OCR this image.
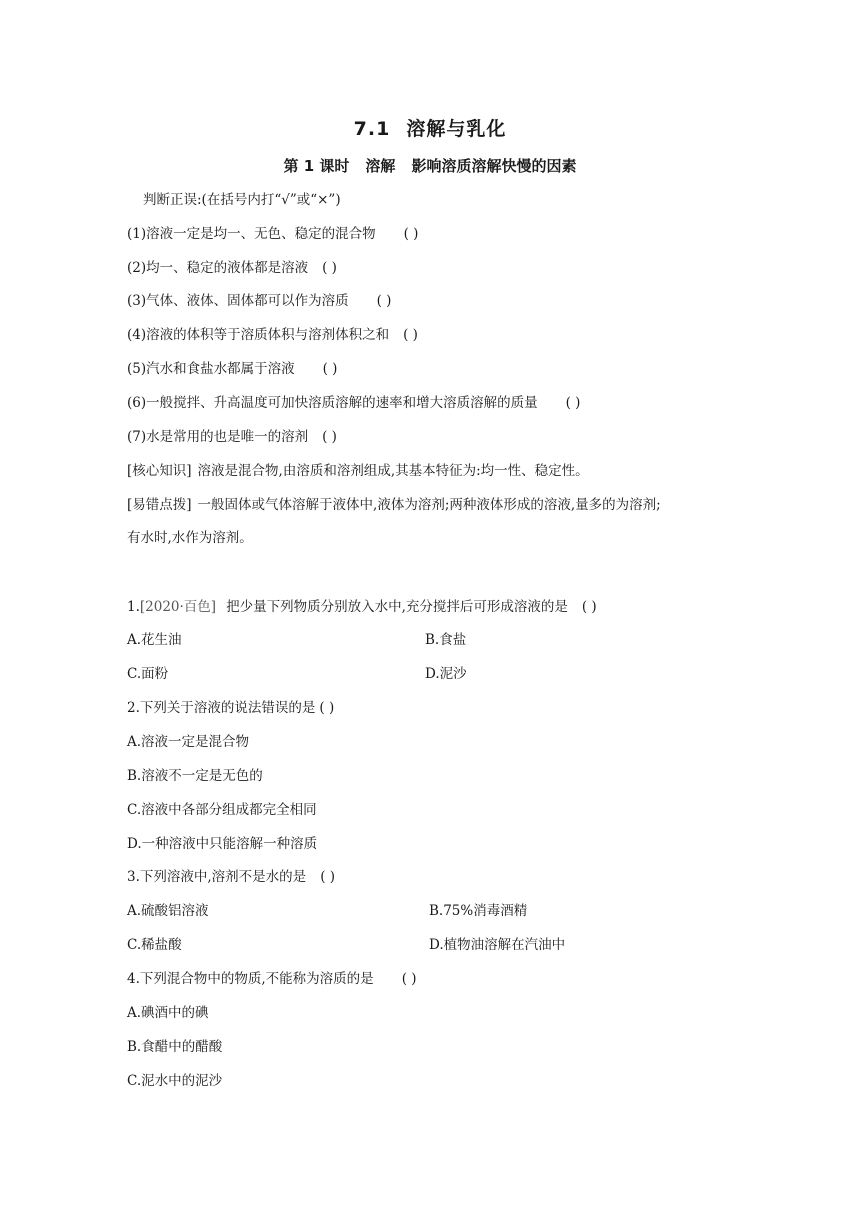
7.1 溶解与乳化
第 1 课时 溶解 影响溶质溶解快慢的因素
判断正误:(在括号内打“√”或“×”)
(1)溶液一定是均一、无色、稳定的混合物 ( )
(2)均一、稳定的液体都是溶液 ( )
(3)气体、液体、固体都可以作为溶质 ( )
(4)溶液的体积等于溶质体积与溶剂体积之和 ( )
(5)汽水和食盐水都属于溶液 ( )
(6)一般搅拌、升高温度可加快溶质溶解的速率和增大溶质溶解的质量 ( )
(7)水是常用的也是唯一的溶剂 ( )
[核心知识] 溶液是混合物,由溶质和溶剂组成,其基本特征为:均一性、稳定性。
[易错点拨] 一般固体或气体溶解于液体中,液体为溶剂;两种液体形成的溶液,量多的为溶剂;
有水时,水作为溶剂。
1.[2020·百色] 把少量下列物质分别放入水中,充分搅拌后可形成溶液的是 ( )
A.花生油	B.食盐
C.面粉	D.泥沙
2.下列关于溶液的说法错误的是 ( )
A.溶液一定是混合物
B.溶液不一定是无色的
C.溶液中各部分组成都完全相同
D.一种溶液中只能溶解一种溶质
3.下列溶液中,溶剂不是水的是 ( )
A.硫酸铝溶液	B.75%消毒酒精
C.稀盐酸	D.植物油溶解在汽油中
4.下列混合物中的物质,不能称为溶质的是 ( )
A.碘酒中的碘
B.食醋中的醋酸
C.泥水中的泥沙
